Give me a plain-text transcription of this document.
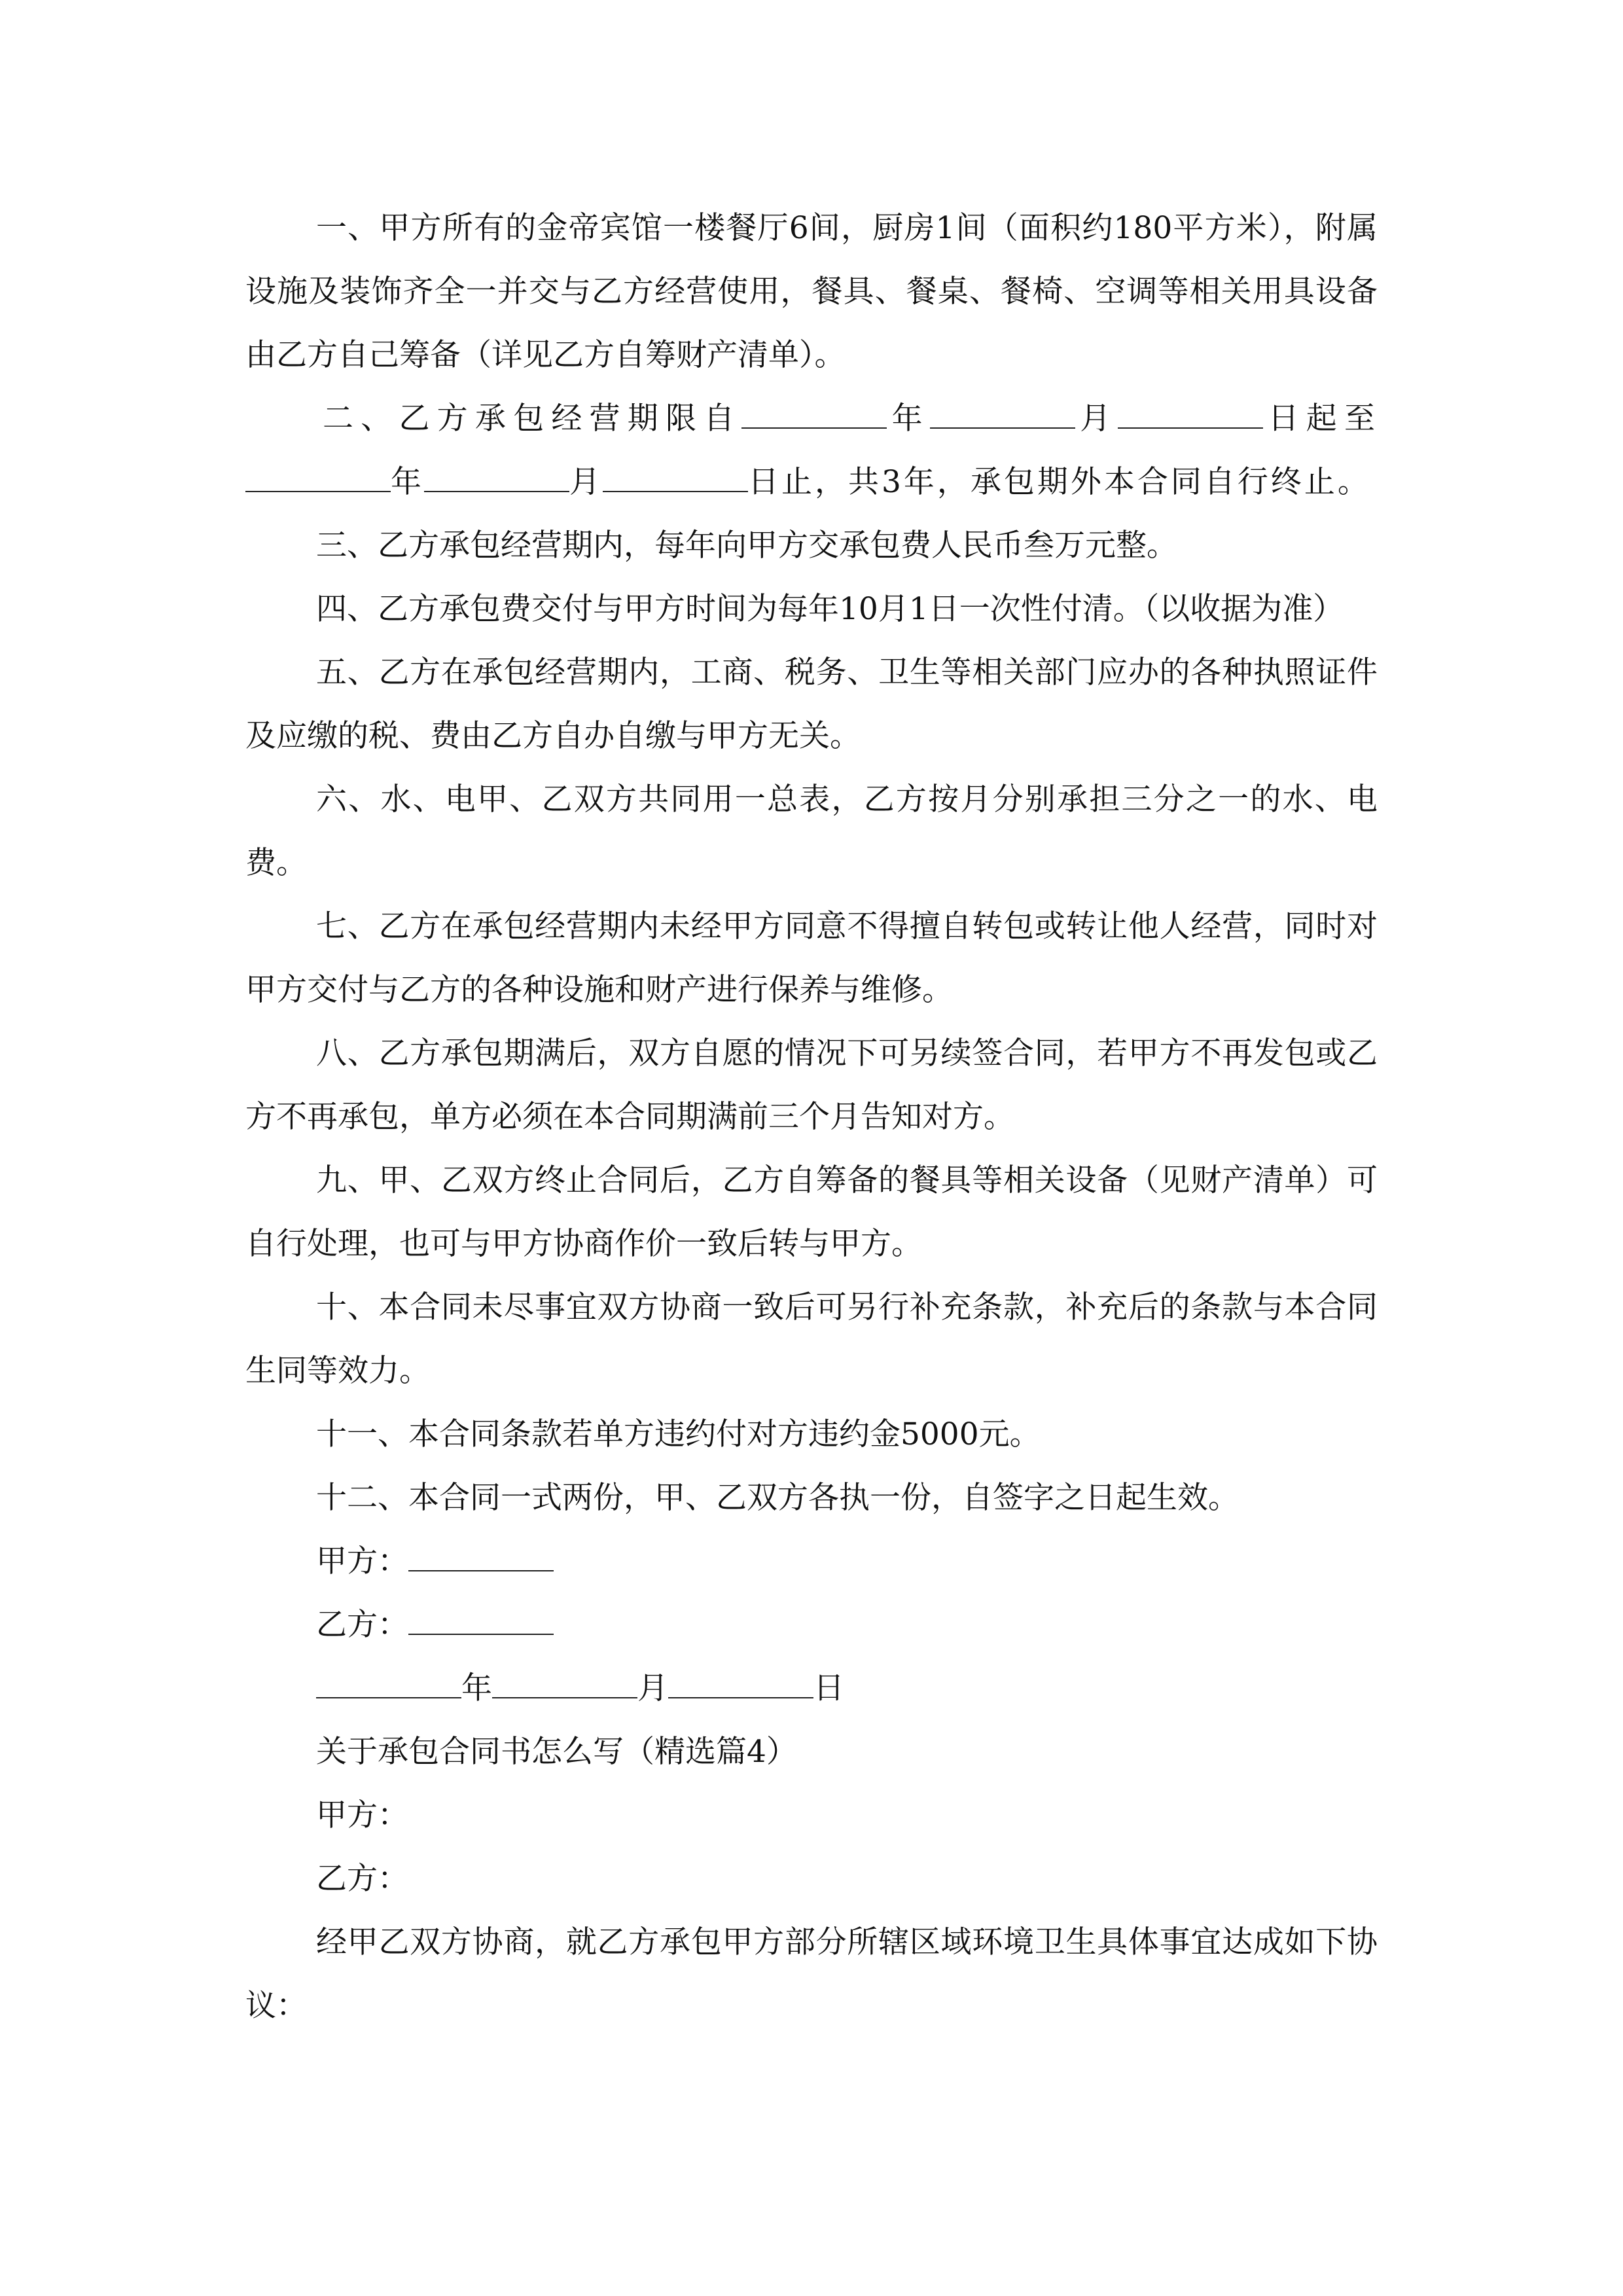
一、甲方所有的金帝宾馆一楼餐厅6间，厨房1间（面积约180平方米），附属设施及装饰齐全一并交与乙方经营使用，餐具、餐桌、餐椅、空调等相关用具设备由乙方自己筹备（详见乙方自筹财产清单）。

二、乙方承包经营期限自	年	月	日起至年	月	日止，共3年，承包期外本合同自行终止。

三、乙方承包经营期内，每年向甲方交承包费人民币叁万元整。

四、乙方承包费交付与甲方时间为每年10月1日一次性付清。（以收据为准）

五、乙方在承包经营期内，工商、税务、卫生等相关部门应办的各种执照证件及应缴的税、费由乙方自办自缴与甲方无关。

六、水、电甲、乙双方共同用一总表，乙方按月分别承担三分之一的水、电费。

七、乙方在承包经营期内未经甲方同意不得擅自转包或转让他人经营，同时对甲方交付与乙方的各种设施和财产进行保养与维修。

八、乙方承包期满后，双方自愿的情况下可另续签合同，若甲方不再发包或乙方不再承包，单方必须在本合同期满前三个月告知对方。

九、甲、乙双方终止合同后，乙方自筹备的餐具等相关设备（见财产清单）可自行处理，也可与甲方协商作价一致后转与甲方。

十、本合同未尽事宜双方协商一致后可另行补充条款，补充后的条款与本合同生同等效力。

十一、本合同条款若单方违约付对方违约金5000元。

十二、本合同一式两份，甲、乙双方各执一份，自签字之日起生效。

甲方：

乙方：

年	月	日

关于承包合同书怎么写（精选篇4）

甲方：

乙方：

经甲乙双方协商，就乙方承包甲方部分所辖区域环境卫生具体事宜达成如下协议：
